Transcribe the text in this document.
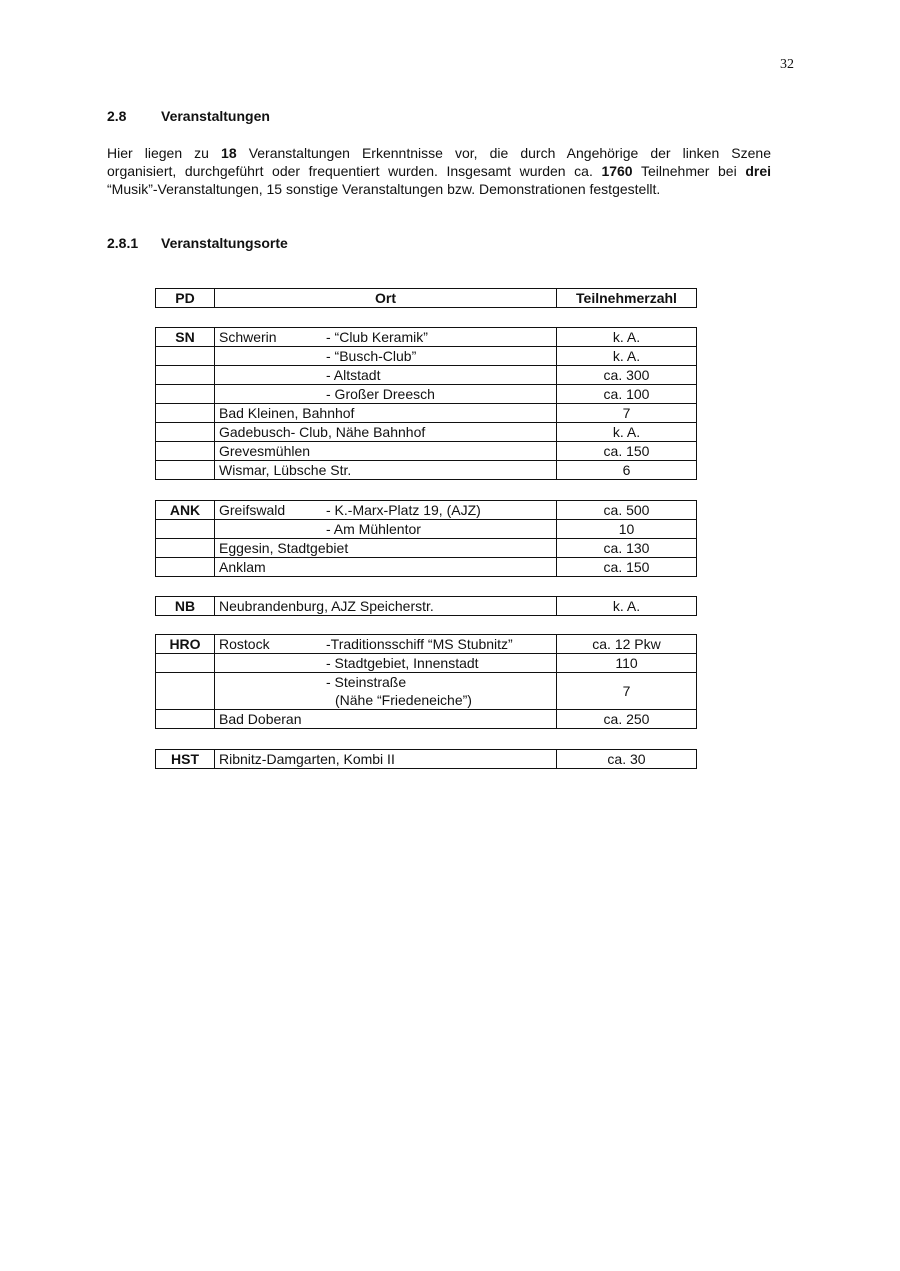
32
2.8 Veranstaltungen
Hier liegen zu 18 Veranstaltungen Erkenntnisse vor, die durch Angehörige der linken Szene
organisiert, durchgeführt oder frequentiert wurden. Insgesamt wurden ca. 1760 Teilnehmer bei drei
“Musik”-Veranstaltungen, 15 sonstige Veranstaltungen bzw. Demonstrationen festgestellt.
2.8.1 Veranstaltungsorte
PD	Ort	Teilnehmerzahl
SN	Schwerin - “Club Keramik”	k. A.
	- “Busch-Club”	k. A.
	- Altstadt	ca. 300
	- Großer Dreesch	ca. 100
	Bad Kleinen, Bahnhof	7
	Gadebusch- Club, Nähe Bahnhof	k. A.
	Grevesmühlen	ca. 150
	Wismar, Lübsche Str.	6
ANK	Greifswald - K.-Marx-Platz 19, (AJZ)	ca. 500
	- Am Mühlentor	10
	Eggesin, Stadtgebiet	ca. 130
	Anklam	ca. 150
NB	Neubrandenburg, AJZ Speicherstr.	k. A.
HRO	Rostock -Traditionsschiff “MS Stubnitz”	ca. 12 Pkw
	- Stadtgebiet, Innenstadt	110
	- Steinstraße
(Nähe “Friedeneiche”)	7
	Bad Doberan	ca. 250
HST	Ribnitz-Damgarten, Kombi II	ca. 30
